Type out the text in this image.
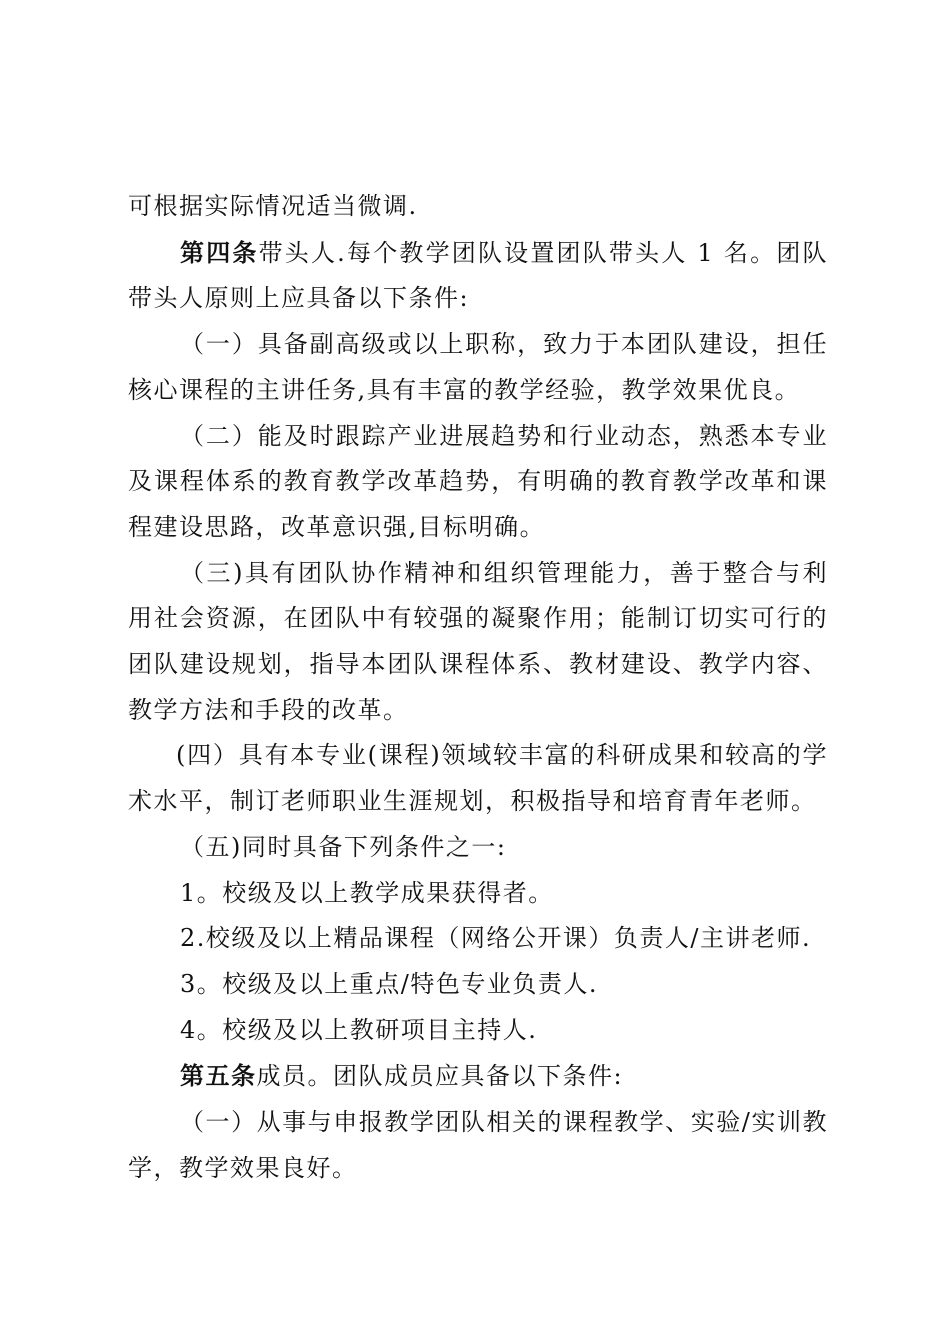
可根据实际情况适当微调.

第四条带头人.每个教学团队设置团队带头人 1 名。团队带头人原则上应具备以下条件:

（一）具备副高级或以上职称，致力于本团队建设，担任核心课程的主讲任务,具有丰富的教学经验，教学效果优良。

（二）能及时跟踪产业进展趋势和行业动态，熟悉本专业及课程体系的教育教学改革趋势，有明确的教育教学改革和课程建设思路，改革意识强,目标明确。

（三)具有团队协作精神和组织管理能力，善于整合与利用社会资源，在团队中有较强的凝聚作用；能制订切实可行的团队建设规划，指导本团队课程体系、教材建设、教学内容、教学方法和手段的改革。

(四）具有本专业(课程)领域较丰富的科研成果和较高的学术水平，制订老师职业生涯规划，积极指导和培育青年老师。

（五)同时具备下列条件之一:

1。校级及以上教学成果获得者。

2.校级及以上精品课程（网络公开课）负责人/主讲老师.

3。校级及以上重点/特色专业负责人.

4。校级及以上教研项目主持人.

第五条成员。团队成员应具备以下条件:

（一）从事与申报教学团队相关的课程教学、实验/实训教学，教学效果良好。
